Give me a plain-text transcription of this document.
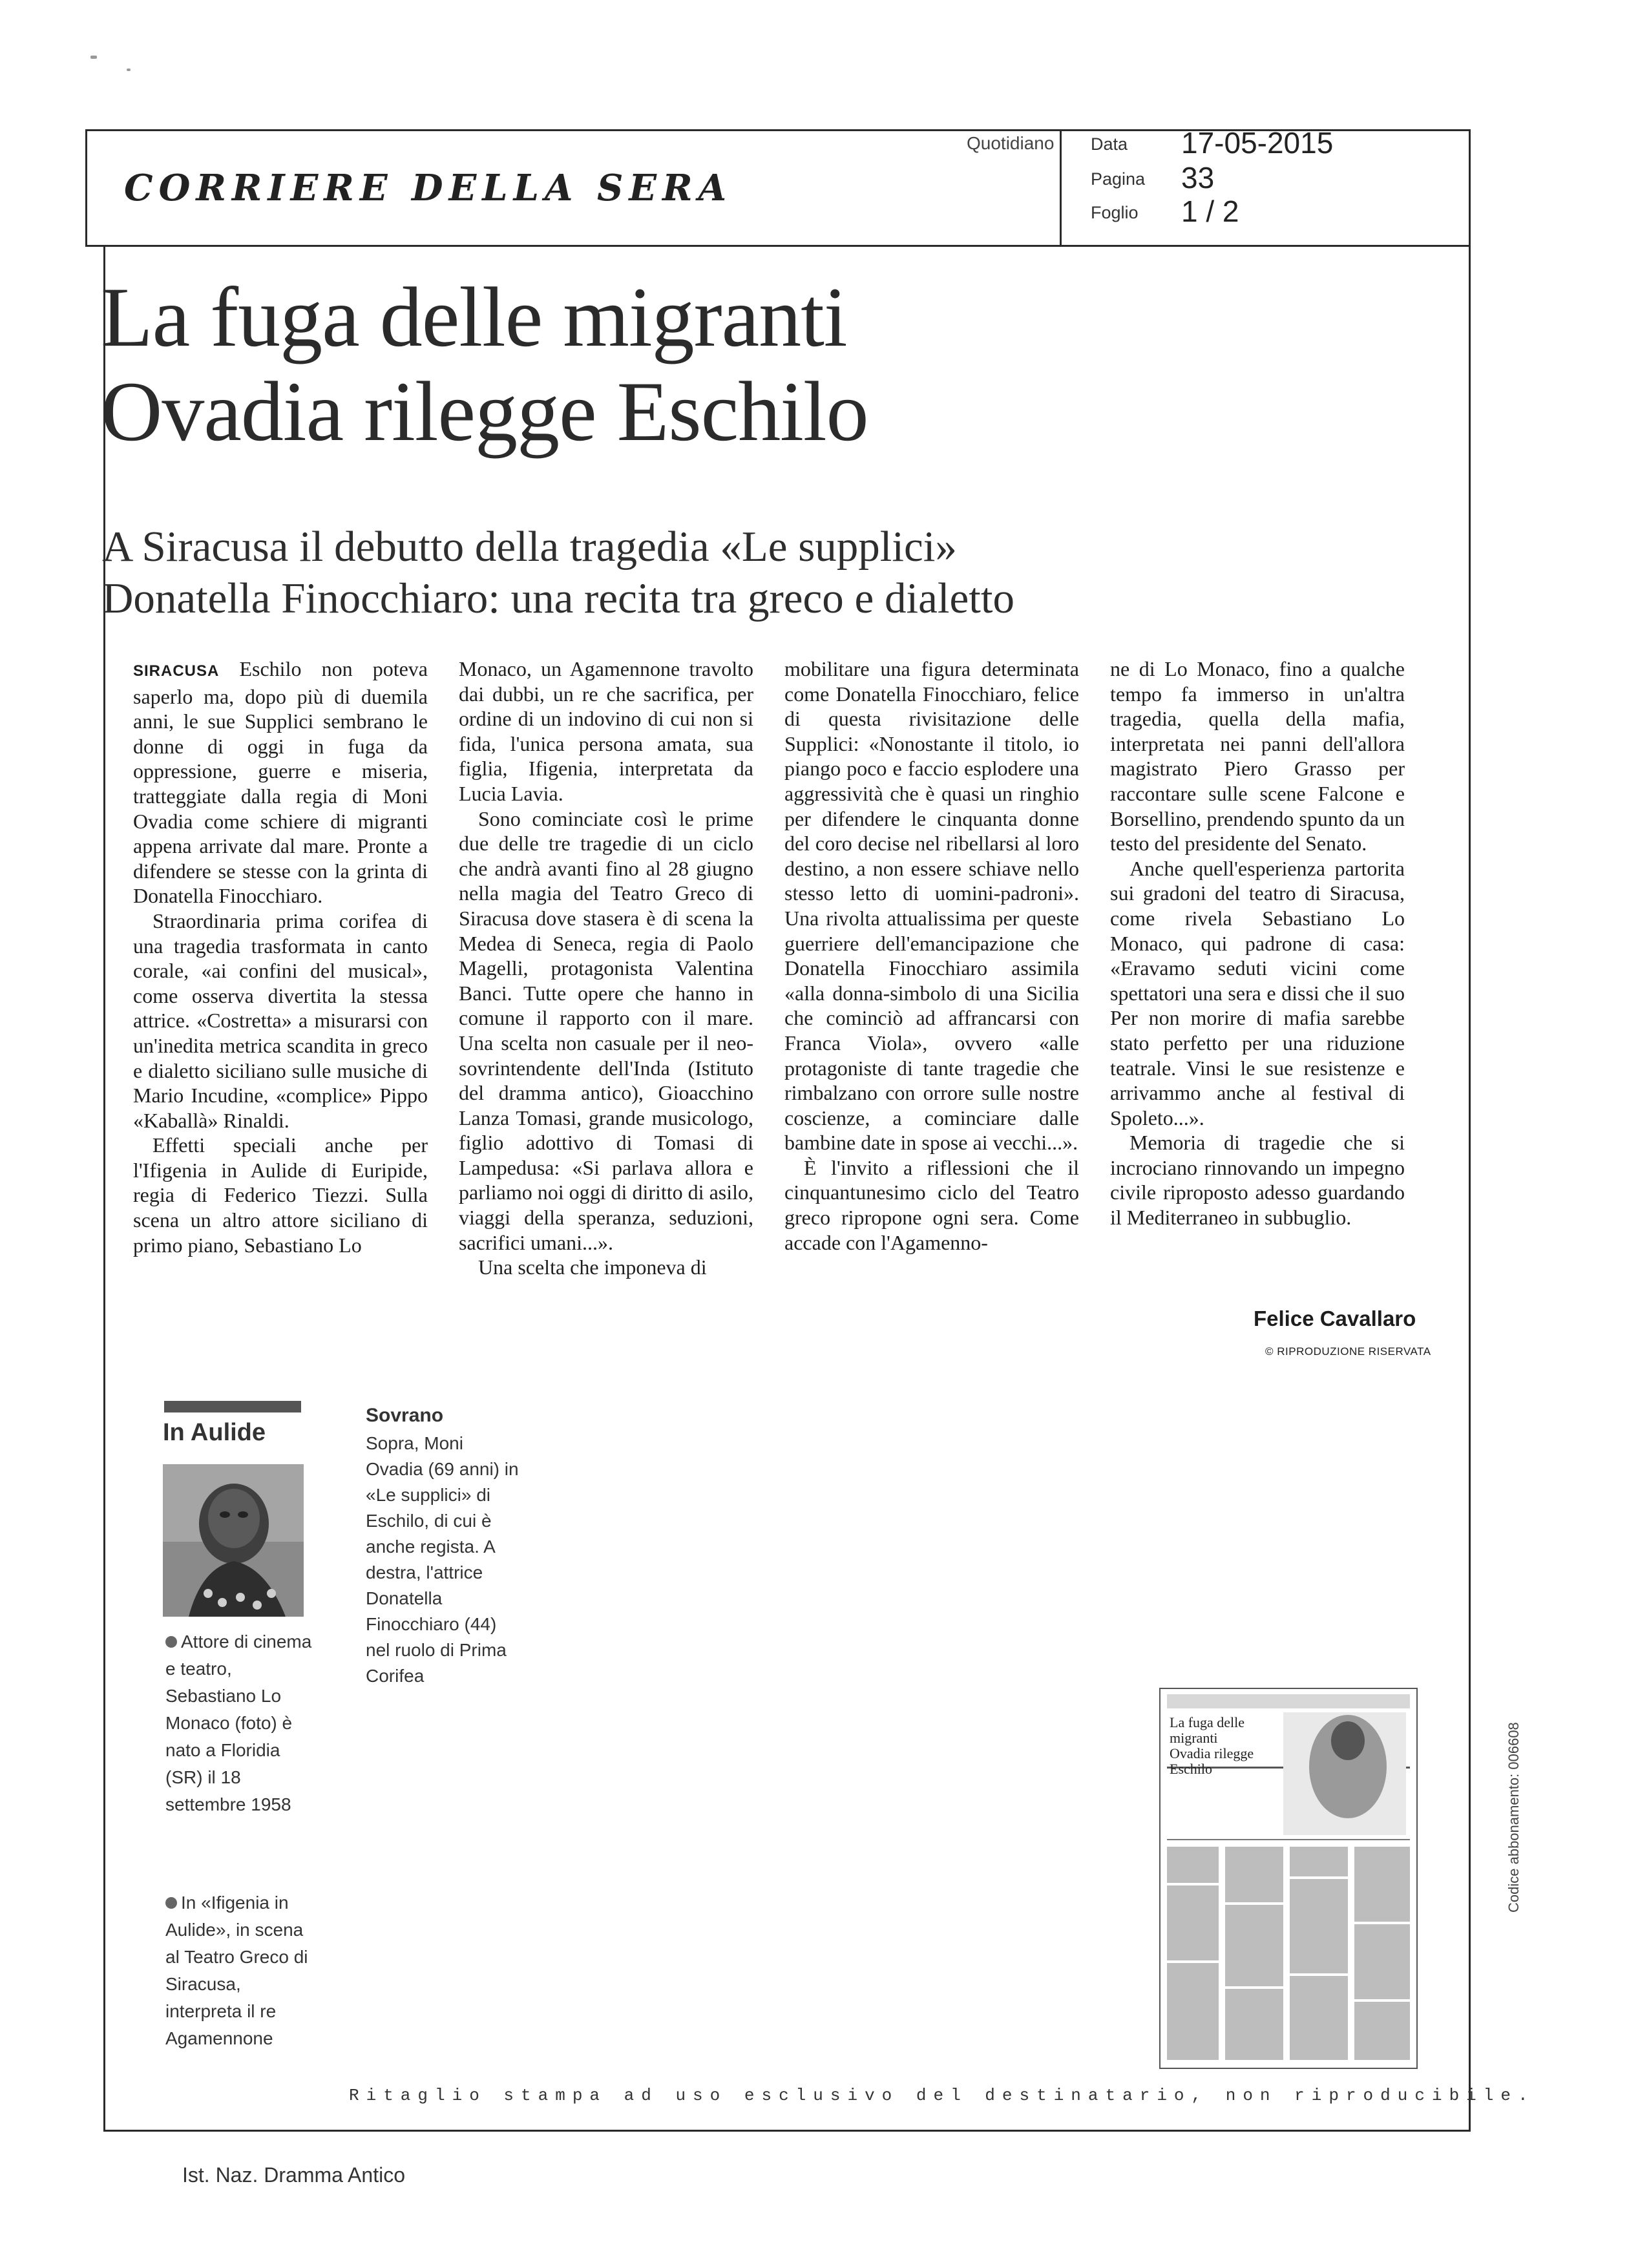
CORRIERE DELLA SERA
Quotidiano Data 17-05-2015
Pagina 33
Foglio 1 / 2
La fuga delle migranti
Ovadia rilegge Eschilo
A Siracusa il debutto della tragedia «Le supplici»
Donatella Finocchiaro: una recita tra greco e dialetto

SIRACUSA Eschilo non poteva saperlo ma, dopo più di duemila anni, le sue Supplici sembrano le donne di oggi in fuga da oppressione, guerre e miseria, tratteggiate dalla regia di Moni Ovadia come schiere di migranti appena arrivate dal mare. Pronte a difendere se stesse con la grinta di Donatella Finocchiaro.

Straordinaria prima corifea di una tragedia trasformata in canto corale, «ai confini del musical», come osserva divertita la stessa attrice. «Costretta» a misurarsi con un'inedita metrica scandita in greco e dialetto siciliano sulle musiche di Mario Incudine, «complice» Pippo «Kaballà» Rinaldi.

Effetti speciali anche per l'Ifigenia in Aulide di Euripide, regia di Federico Tiezzi. Sulla scena un altro attore siciliano di primo piano, Sebastiano Lo

Monaco, un Agamennone travolto dai dubbi, un re che sacrifica, per ordine di un indovino di cui non si fida, l'unica persona amata, sua figlia, Ifigenia, interpretata da Lucia Lavia.

Sono cominciate così le prime due delle tre tragedie di un ciclo che andrà avanti fino al 28 giugno nella magia del Teatro Greco di Siracusa dove stasera è di scena la Medea di Seneca, regia di Paolo Magelli, protagonista Valentina Banci. Tutte opere che hanno in comune il rapporto con il mare. Una scelta non casuale per il neo-sovrintendente dell'Inda (Istituto del dramma antico), Gioacchino Lanza Tomasi, grande musicologo, figlio adottivo di Tomasi di Lampedusa: «Si parlava allora e parliamo noi oggi di diritto di asilo, viaggi della speranza, seduzioni, sacrifici umani...».

Una scelta che imponeva di

mobilitare una figura determinata come Donatella Finocchiaro, felice di questa rivisitazione delle Supplici: «Nonostante il titolo, io piango poco e faccio esplodere una aggressività che è quasi un ringhio per difendere le cinquanta donne del coro decise nel ribellarsi al loro destino, a non essere schiave nello stesso letto di uomini-padroni». Una rivolta attualissima per queste guerriere dell'emancipazione che Donatella Finocchiaro assimila «alla donna-simbolo di una Sicilia che cominciò ad affrancarsi con Franca Viola», ovvero «alle protagoniste di tante tragedie che rimbalzano con orrore sulle nostre coscienze, a cominciare dalle bambine date in spose ai vecchi...».

È l'invito a riflessioni che il cinquantunesimo ciclo del Teatro greco ripropone ogni sera. Come accade con l'Agamenno-

ne di Lo Monaco, fino a qualche tempo fa immerso in un'altra tragedia, quella della mafia, interpretata nei panni dell'allora magistrato Piero Grasso per raccontare sulle scene Falcone e Borsellino, prendendo spunto da un testo del presidente del Senato.

Anche quell'esperienza partorita sui gradoni del teatro di Siracusa, come rivela Sebastiano Lo Monaco, qui padrone di casa: «Eravamo seduti vicini come spettatori una sera e dissi che il suo Per non morire di mafia sarebbe stato perfetto per una riduzione teatrale. Vinsi le sue resistenze e arrivammo anche al festival di Spoleto...».

Memoria di tragedie che si incrociano rinnovando un impegno civile riproposto adesso guardando il Mediterraneo in subbuglio.

Felice Cavallaro
© RIPRODUZIONE RISERVATA
In Aulide
Attore di cinema e teatro, Sebastiano Lo Monaco (foto) è nato a Floridia (SR) il 18 settembre 1958
In «Ifigenia in Aulide», in scena al Teatro Greco di Siracusa, interpreta il re Agamennone
Sovrano
Sopra, Moni Ovadia (69 anni) in «Le supplici» di Eschilo, di cui è anche regista. A destra, l'attrice Donatella Finocchiaro (44) nel ruolo di Prima Corifea
La fuga delle migranti
Ovadia rilegge Eschilo	Codice abbonamento: 006608
Ritaglio stampa ad uso esclusivo del destinatario, non riproducibile.
Ist. Naz. Dramma Antico
